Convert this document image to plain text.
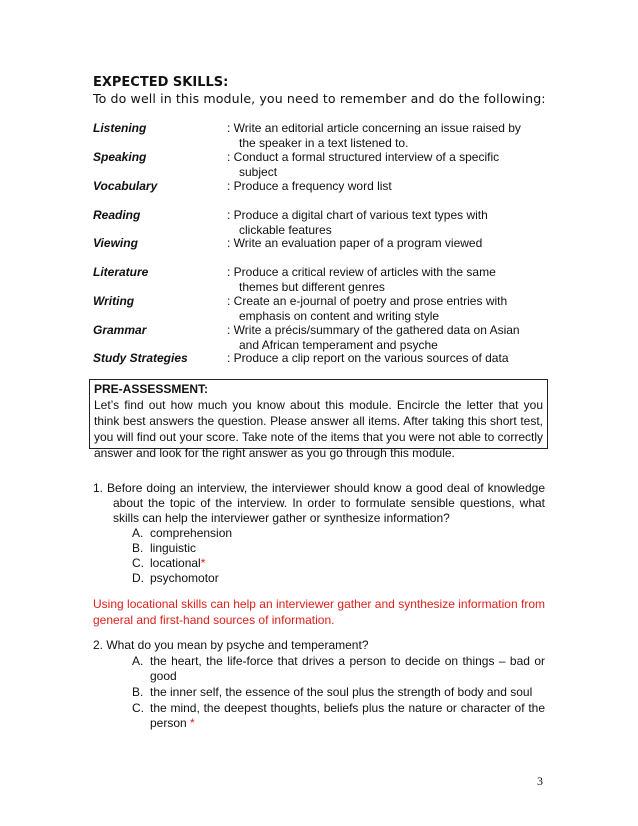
EXPECTED SKILLS:
To do well in this module, you need to remember and do the following:
Listening	: Write an editorial article concerning an issue raised by
the speaker in a text listened to.
Speaking	: Conduct a formal structured interview of a specific
subject
Vocabulary	: Produce a frequency word list
Reading	: Produce a digital chart of various text types with
clickable features
Viewing	: Write an evaluation paper of a program viewed
Literature	: Produce a critical review of articles with the same
themes but different genres
Writing	: Create an e-journal of poetry and prose entries with
emphasis on content and writing style
Grammar	: Write a précis/summary of the gathered data on Asian
and African temperament and psyche
Study Strategies	: Produce a clip report on the various sources of data
PRE-ASSESSMENT:
Let’s find out how much you know about this module. Encircle the letter that you think best answers the question. Please answer all items. After taking this short test, you will find out your score. Take note of the items that you were not able to correctly answer and look for the right answer as you go through this module.
1. Before doing an interview, the interviewer should know a good deal of knowledge about the topic of the interview. In order to formulate sensible questions, what skills can help the interviewer gather or synthesize information?
A. comprehension
B. linguistic
C. locational*
D. psychomotor
Using locational skills can help an interviewer gather and synthesize information from general and first-hand sources of information.
2. What do you mean by psyche and temperament?
A. the heart, the life-force that drives a person to decide on things – bad or good
B. the inner self, the essence of the soul plus the strength of body and soul
C. the mind, the deepest thoughts, beliefs plus the nature or character of the person *
3
